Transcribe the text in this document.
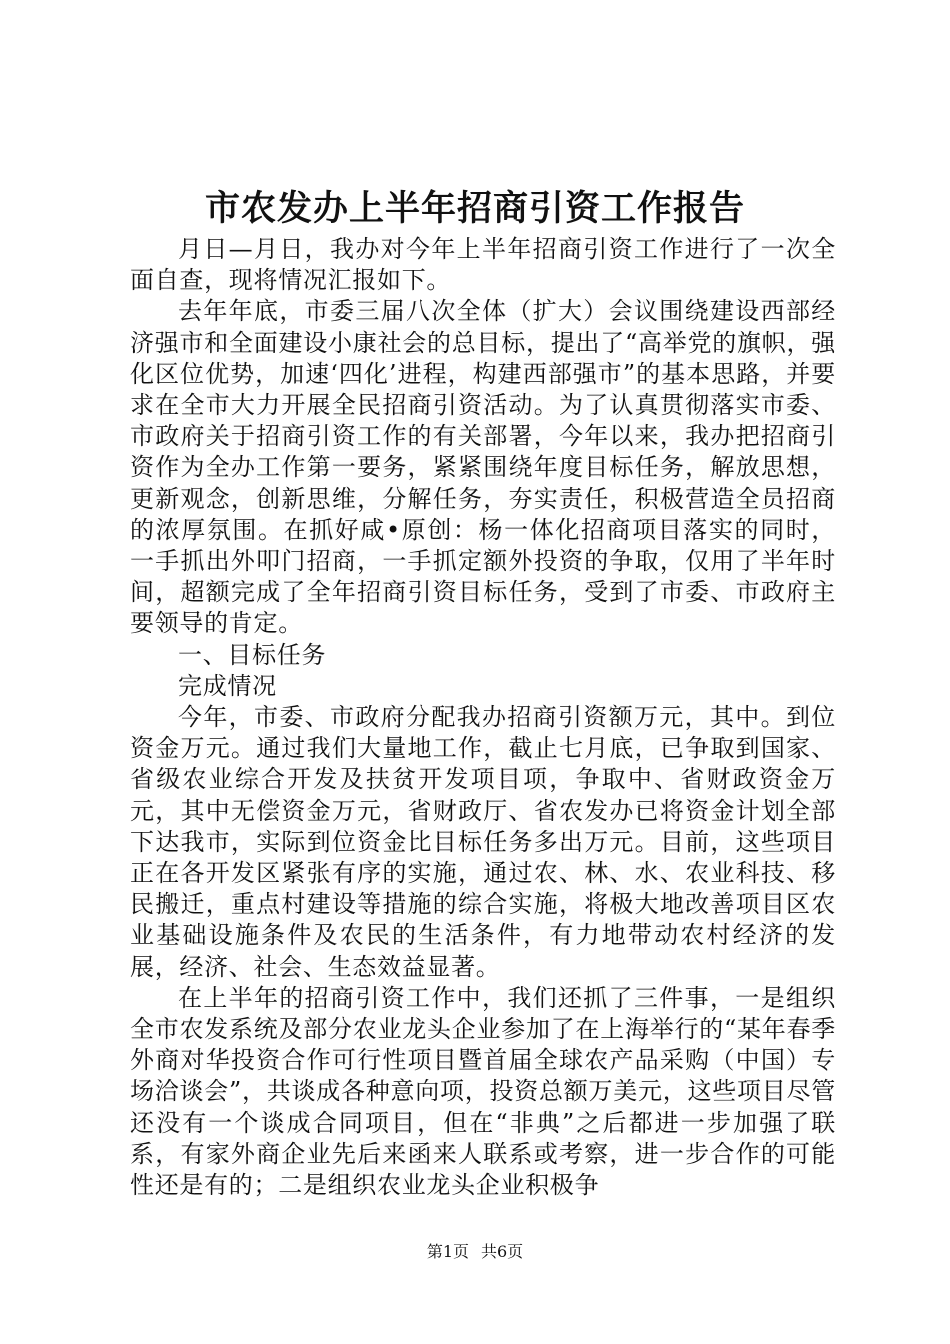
市农发办上半年招商引资工作报告

月日—月日，我办对今年上半年招商引资工作进行了一次全面自查，现将情况汇报如下。

去年年底，市委三届八次全体（扩大）会议围绕建设西部经济强市和全面建设小康社会的总目标，提出了“高举党的旗帜，强化区位优势，加速‘四化’进程，构建西部强市”的基本思路，并要求在全市大力开展全民招商引资活动。为了认真贯彻落实市委、市政府关于招商引资工作的有关部署，今年以来，我办把招商引资作为全办工作第一要务，紧紧围绕年度目标任务，解放思想，更新观念，创新思维，分解任务，夯实责任，积极营造全员招商的浓厚氛围。在抓好咸•原创：杨一体化招商项目落实的同时，一手抓出外叩门招商，一手抓定额外投资的争取，仅用了半年时间，超额完成了全年招商引资目标任务，受到了市委、市政府主要领导的肯定。

一、目标任务

完成情况

今年，市委、市政府分配我办招商引资额万元，其中。到位资金万元。通过我们大量地工作，截止七月底，已争取到国家、省级农业综合开发及扶贫开发项目项，争取中、省财政资金万元，其中无偿资金万元，省财政厅、省农发办已将资金计划全部下达我市，实际到位资金比目标任务多出万元。目前，这些项目正在各开发区紧张有序的实施，通过农、林、水、农业科技、移民搬迁，重点村建设等措施的综合实施，将极大地改善项目区农业基础设施条件及农民的生活条件，有力地带动农村经济的发展，经济、社会、生态效益显著。

在上半年的招商引资工作中，我们还抓了三件事，一是组织全市农发系统及部分农业龙头企业参加了在上海举行的“某年春季外商对华投资合作可行性项目暨首届全球农产品采购（中国）专场洽谈会”，共谈成各种意向项，投资总额万美元，这些项目尽管还没有一个谈成合同项目，但在“非典”之后都进一步加强了联系，有家外商企业先后来函来人联系或考察，进一步合作的可能性还是有的；二是组织农业龙头企业积极争

第1页 共6页
